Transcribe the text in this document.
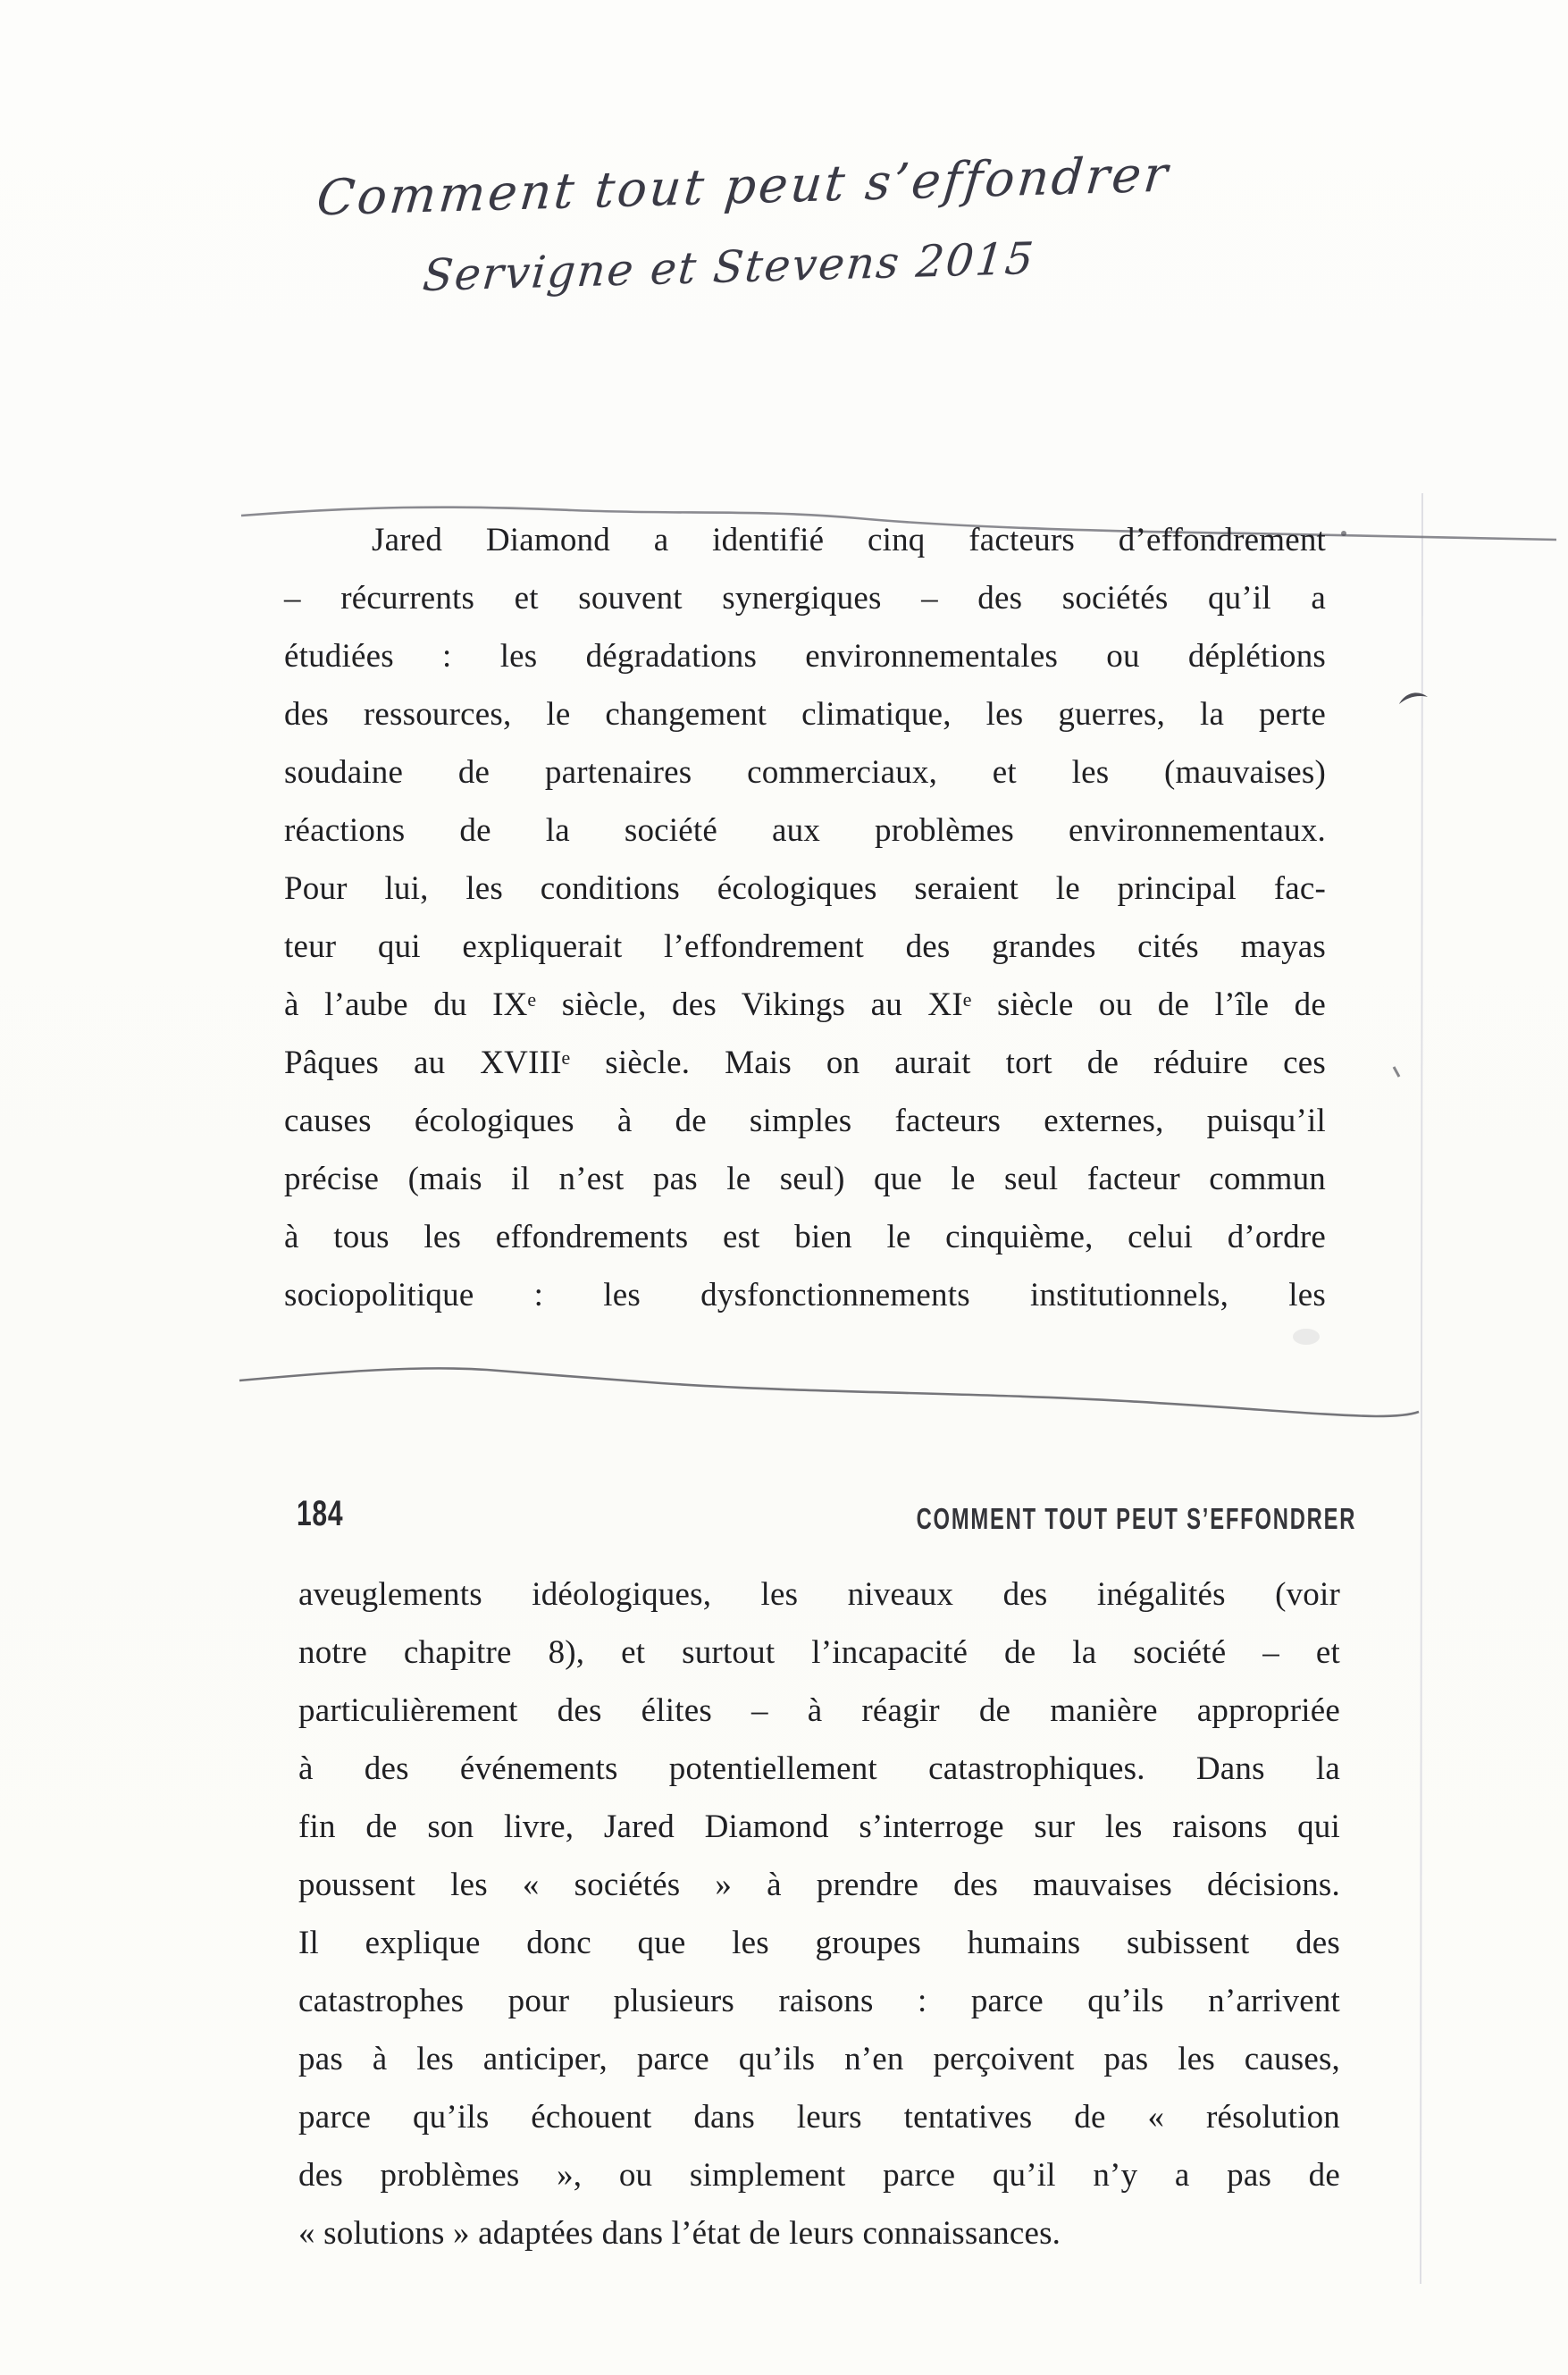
Comment tout peut s’effondrer
Servigne et Stevens 2015
Jared Diamond a identifié cinq facteurs d’effondrement
– récurrents et souvent synergiques – des sociétés qu’il a
étudiées : les dégradations environnementales ou déplétions
des ressources, le changement climatique, les guerres, la perte
soudaine de partenaires commerciaux, et les (mauvaises)
réactions de la société aux problèmes environnementaux.
Pour lui, les conditions écologiques seraient le principal fac-
teur qui expliquerait l’effondrement des grandes cités mayas
à l’aube du IXᵉ siècle, des Vikings au XIᵉ siècle ou de l’île de
Pâques au XVIIIᵉ siècle. Mais on aurait tort de réduire ces
causes écologiques à de simples facteurs externes, puisqu’il
précise (mais il n’est pas le seul) que le seul facteur commun
à tous les effondrements est bien le cinquième, celui d’ordre
sociopolitique : les dysfonctionnements institutionnels, les
184	COMMENT TOUT PEUT S’EFFONDRER
aveuglements idéologiques, les niveaux des inégalités (voir
notre chapitre 8), et surtout l’incapacité de la société – et
particulièrement des élites – à réagir de manière appropriée
à des événements potentiellement catastrophiques. Dans la
fin de son livre, Jared Diamond s’interroge sur les raisons qui
poussent les « sociétés » à prendre des mauvaises décisions.
Il explique donc que les groupes humains subissent des
catastrophes pour plusieurs raisons : parce qu’ils n’arrivent
pas à les anticiper, parce qu’ils n’en perçoivent pas les causes,
parce qu’ils échouent dans leurs tentatives de « résolution
des problèmes », ou simplement parce qu’il n’y a pas de
« solutions » adaptées dans l’état de leurs connaissances.
